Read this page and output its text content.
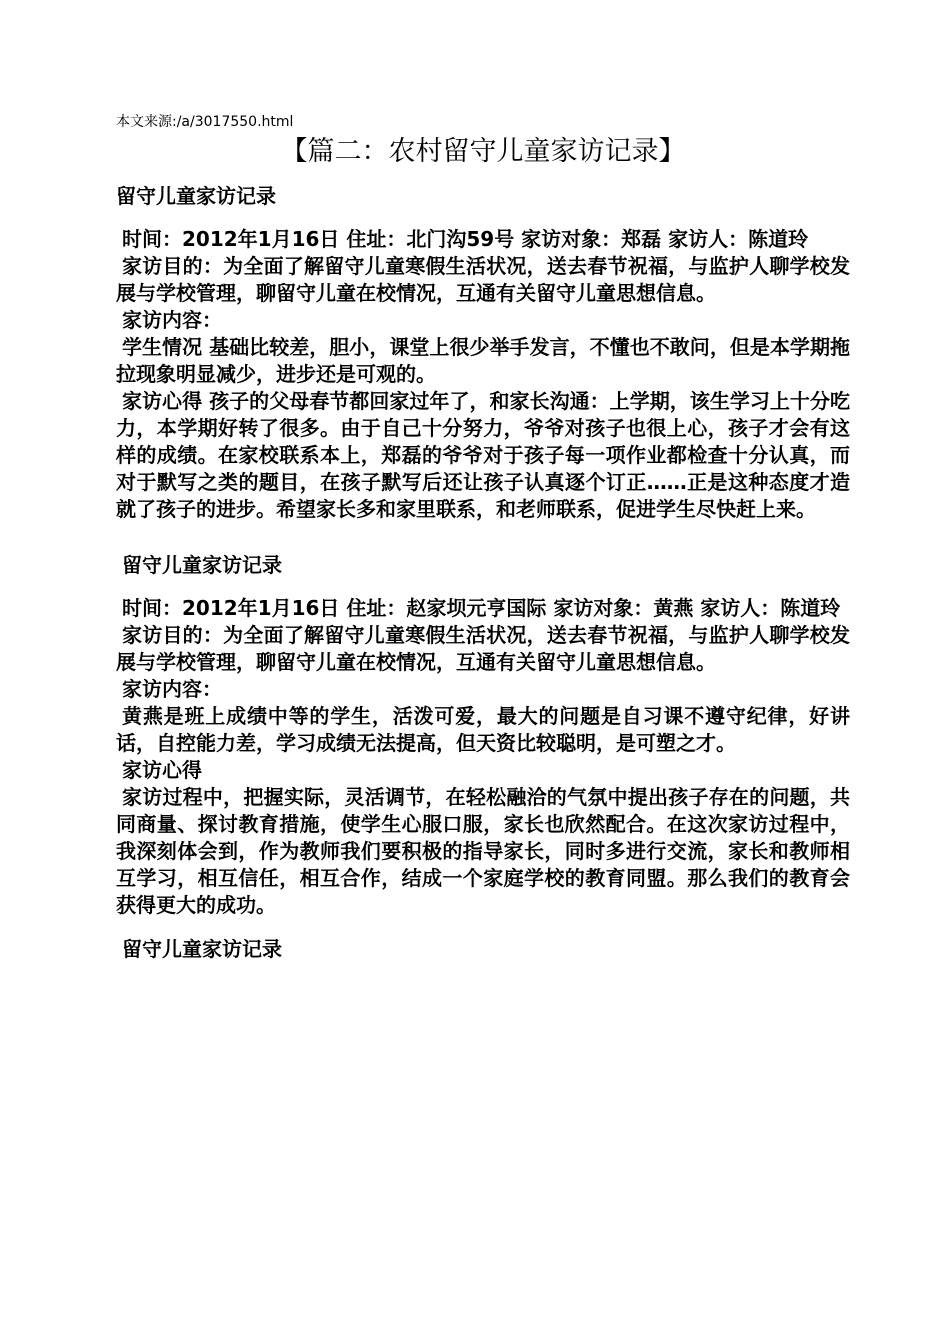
本文来源:/a/3017550.html

【篇二：农村留守儿童家访记录】
留守儿童家访记录

时间：2012年1月16日 住址：北门沟59号 家访对象：郑磊 家访人：陈道玲

家访目的：为全面了解留守儿童寒假生活状况，送去春节祝福，与监护人聊学校发展与学校管理，聊留守儿童在校情况，互通有关留守儿童思想信息。

家访内容：

学生情况 基础比较差，胆小，课堂上很少举手发言，不懂也不敢问，但是本学期拖拉现象明显减少，进步还是可观的。

家访心得 孩子的父母春节都回家过年了，和家长沟通：上学期，该生学习上十分吃力，本学期好转了很多。由于自己十分努力，爷爷对孩子也很上心，孩子才会有这样的成绩。在家校联系本上，郑磊的爷爷对于孩子每一项作业都检查十分认真，而对于默写之类的题目，在孩子默写后还让孩子认真逐个订正……正是这种态度才造就了孩子的进步。希望家长多和家里联系，和老师联系，促进学生尽快赶上来。

留守儿童家访记录

时间：2012年1月16日 住址：赵家坝元亨国际 家访对象：黄燕 家访人：陈道玲

家访目的：为全面了解留守儿童寒假生活状况，送去春节祝福，与监护人聊学校发展与学校管理，聊留守儿童在校情况，互通有关留守儿童思想信息。

家访内容：

黄燕是班上成绩中等的学生，活泼可爱，最大的问题是自习课不遵守纪律，好讲话，自控能力差，学习成绩无法提高，但天资比较聪明，是可塑之才。

家访心得

家访过程中，把握实际，灵活调节，在轻松融洽的气氛中提出孩子存在的问题，共同商量、探讨教育措施，使学生心服口服，家长也欣然配合。在这次家访过程中，我深刻体会到，作为教师我们要积极的指导家长，同时多进行交流，家长和教师相互学习，相互信任，相互合作，结成一个家庭学校的教育同盟。那么我们的教育会获得更大的成功。

留守儿童家访记录
